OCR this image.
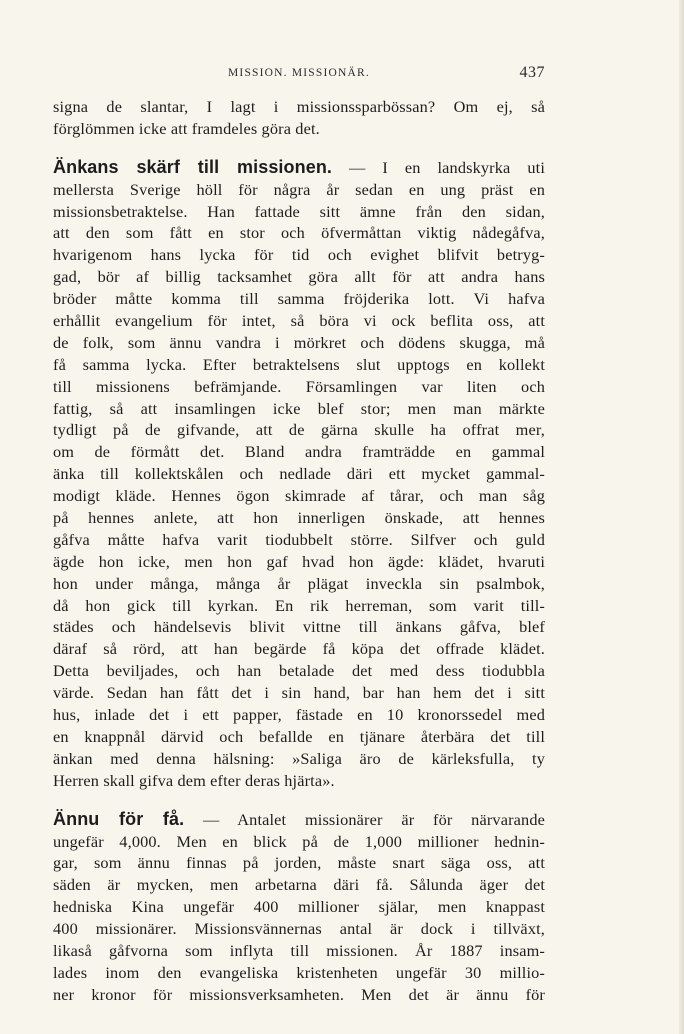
MISSION. MISSIONÄR.	437
signa de slantar, I lagt i missionssparbössan? Om ej, så
förglömmen icke att framdeles göra det.
Änkans skärf till missionen. — I en landskyrka uti
mellersta Sverige höll för några år sedan en ung präst en
missionsbetraktelse. Han fattade sitt ämne från den sidan,
att den som fått en stor och öfvermåttan viktig nådegåfva,
hvarigenom hans lycka för tid och evighet blifvit betryg-
gad, bör af billig tacksamhet göra allt för att andra hans
bröder måtte komma till samma fröjderika lott. Vi hafva
erhållit evangelium för intet, så böra vi ock beflita oss, att
de folk, som ännu vandra i mörkret och dödens skugga, må
få samma lycka. Efter betraktelsens slut upptogs en kollekt
till missionens befrämjande. Församlingen var liten och
fattig, så att insamlingen icke blef stor; men man märkte
tydligt på de gifvande, att de gärna skulle ha offrat mer,
om de förmått det. Bland andra framträdde en gammal
änka till kollektskålen och nedlade däri ett mycket gammal-
modigt kläde. Hennes ögon skimrade af tårar, och man såg
på hennes anlete, att hon innerligen önskade, att hennes
gåfva måtte hafva varit tiodubbelt större. Silfver och guld
ägde hon icke, men hon gaf hvad hon ägde: klädet, hvaruti
hon under många, många år plägat inveckla sin psalmbok,
då hon gick till kyrkan. En rik herreman, som varit till-
städes och händelsevis blivit vittne till änkans gåfva, blef
däraf så rörd, att han begärde få köpa det offrade klädet.
Detta beviljades, och han betalade det med dess tiodubbla
värde. Sedan han fått det i sin hand, bar han hem det i sitt
hus, inlade det i ett papper, fästade en 10 kronorssedel med
en knappnål därvid och befallde en tjänare återbära det till
änkan med denna hälsning: »Saliga äro de kärleksfulla, ty
Herren skall gifva dem efter deras hjärta».
Ännu för få. — Antalet missionärer är för närvarande
ungefär 4,000. Men en blick på de 1,000 millioner hednin-
gar, som ännu finnas på jorden, måste snart säga oss, att
säden är mycken, men arbetarna däri få. Sålunda äger det
hedniska Kina ungefär 400 millioner själar, men knappast
400 missionärer. Missionsvännernas antal är dock i tillväxt,
likaså gåfvorna som inflyta till missionen. År 1887 insam-
lades inom den evangeliska kristenheten ungefär 30 millio-
ner kronor för missionsverksamheten. Men det är ännu för
